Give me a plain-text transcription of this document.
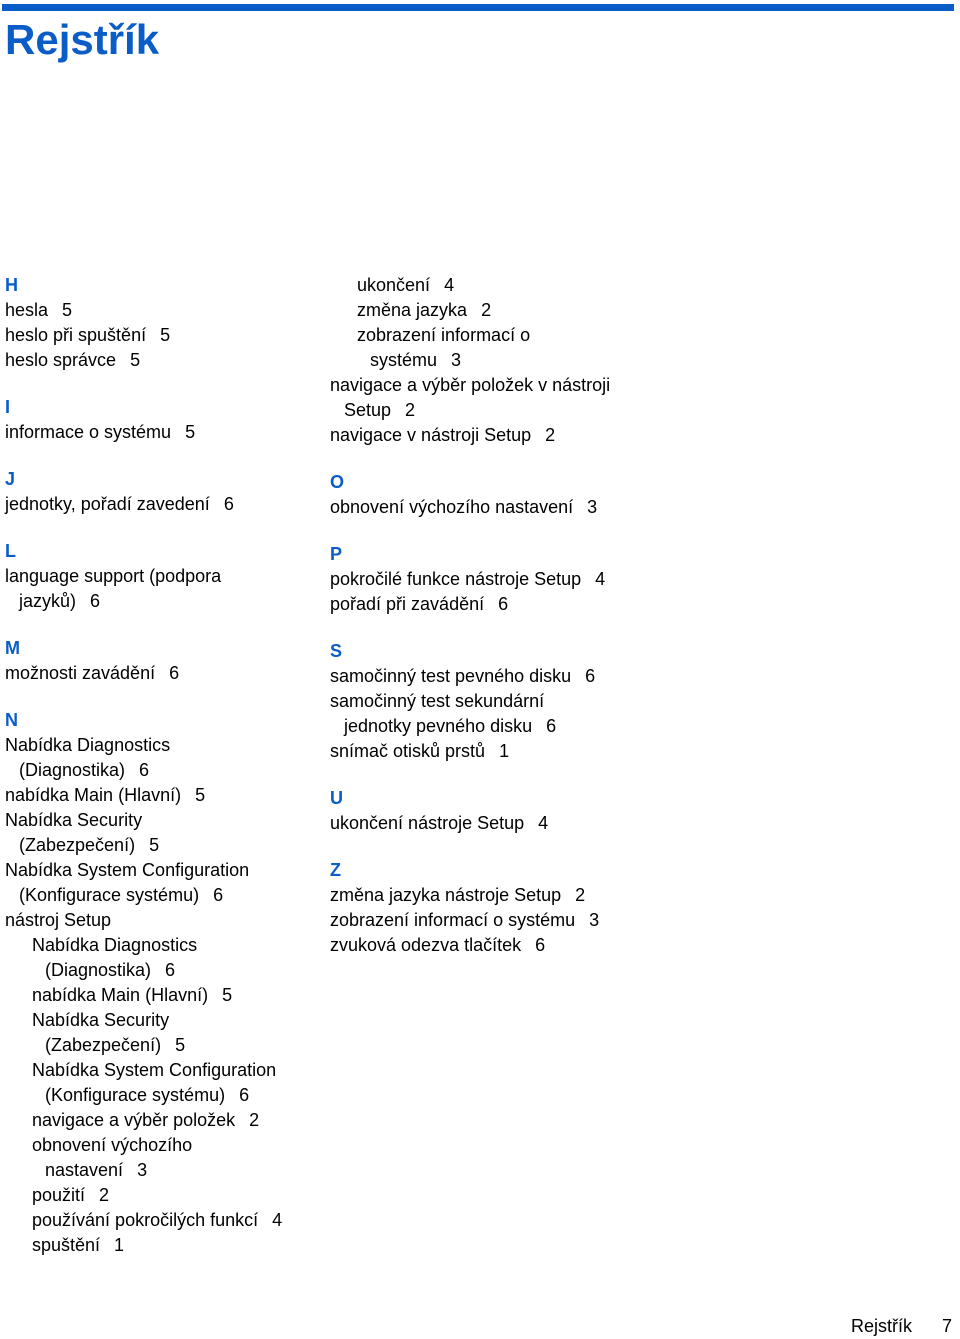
Rejstřík
H
hesla 5
heslo při spuštění 5
heslo správce 5
I
informace o systému 5
J
jednotky, pořadí zavedení 6
L
language support (podpora
jazyků) 6
M
možnosti zavádění 6
N
Nabídka Diagnostics
(Diagnostika) 6
nabídka Main (Hlavní) 5
Nabídka Security
(Zabezpečení) 5
Nabídka System Configuration
(Konfigurace systému) 6
nástroj Setup
Nabídka Diagnostics
(Diagnostika) 6
nabídka Main (Hlavní) 5
Nabídka Security
(Zabezpečení) 5
Nabídka System Configuration
(Konfigurace systému) 6
navigace a výběr položek 2
obnovení výchozího
nastavení 3
použití 2
používání pokročilých funkcí 4
spuštění 1
ukončení 4
změna jazyka 2
zobrazení informací o
systému 3
navigace a výběr položek v nástroji
Setup 2
navigace v nástroji Setup 2
O
obnovení výchozího nastavení 3
P
pokročilé funkce nástroje Setup 4
pořadí při zavádění 6
S
samočinný test pevného disku 6
samočinný test sekundární
jednotky pevného disku 6
snímač otisků prstů 1
U
ukončení nástroje Setup 4
Z
změna jazyka nástroje Setup 2
zobrazení informací o systému 3
zvuková odezva tlačítek 6
Rejstřík 7
